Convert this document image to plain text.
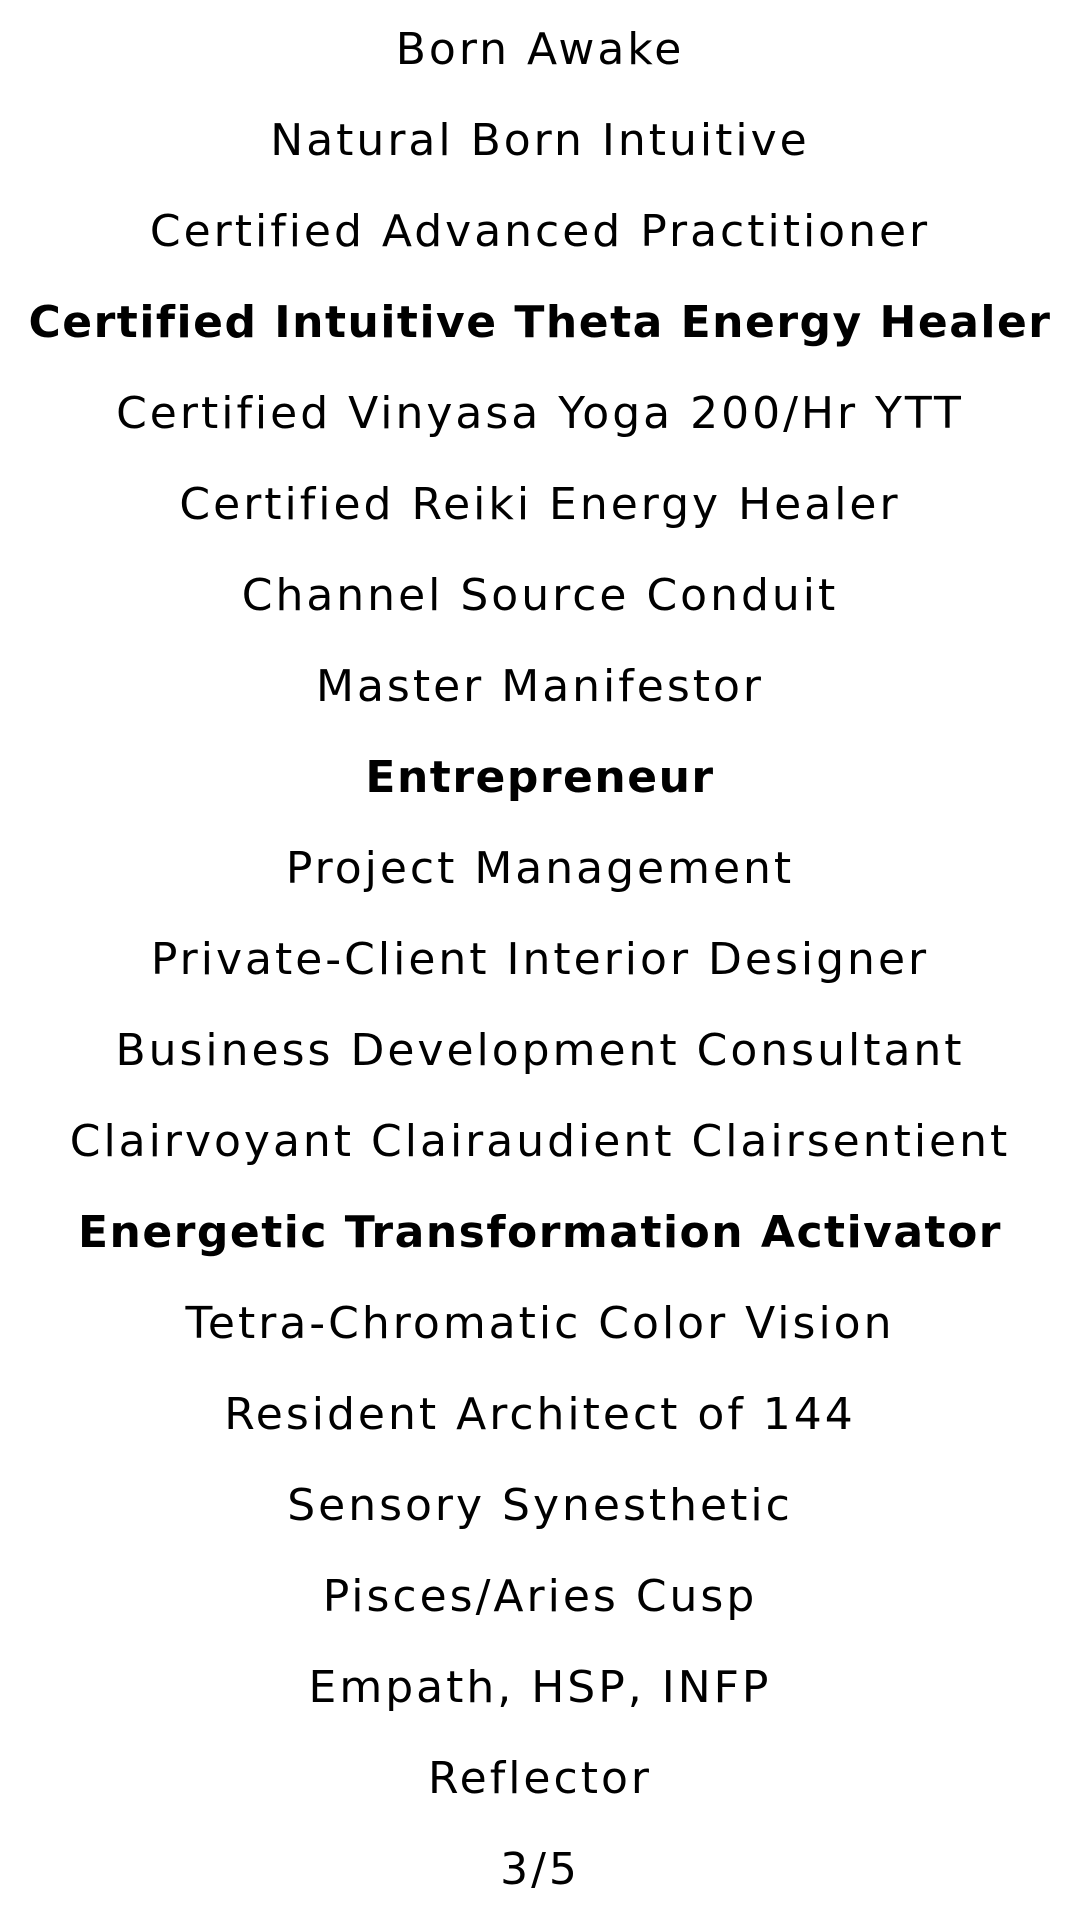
Born Awake
Natural Born Intuitive
Certified Advanced Practitioner
Certified Intuitive Theta Energy Healer
Certified Vinyasa Yoga 200/Hr YTT
Certified Reiki Energy Healer
Channel Source Conduit
Master Manifestor
Entrepreneur
Project Management
Private-Client Interior Designer
Business Development Consultant
Clairvoyant Clairaudient Clairsentient
Energetic Transformation Activator
Tetra-Chromatic Color Vision
Resident Architect of 144
Sensory Synesthetic
Pisces/Aries Cusp
Empath, HSP, INFP
Reflector
3/5
